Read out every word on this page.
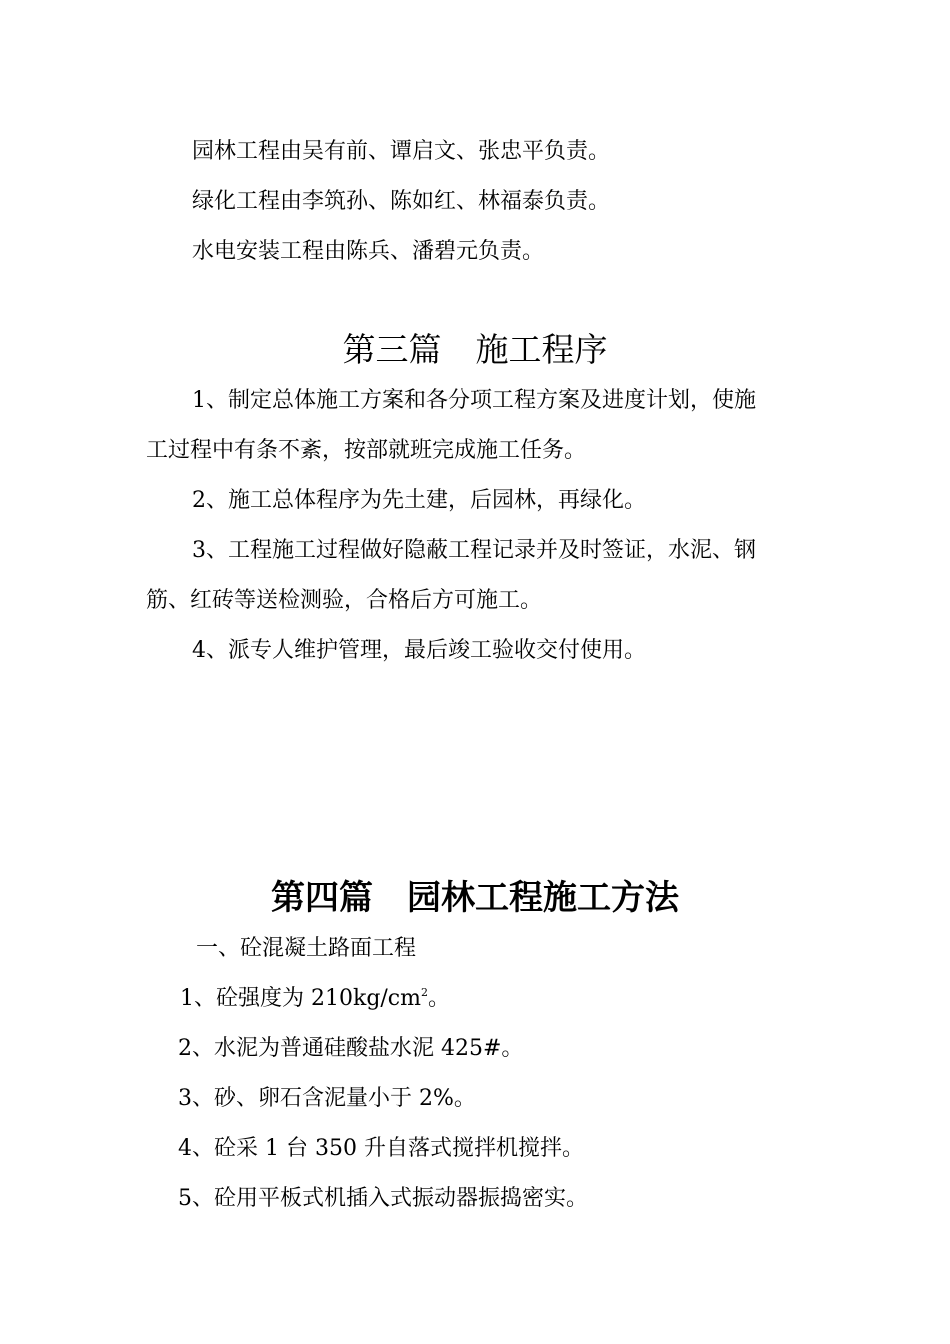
园林工程由吴有前、谭启文、张忠平负责。
绿化工程由李筑孙、陈如红、林福泰负责。
水电安装工程由陈兵、潘碧元负责。
第三篇 施工程序
1、制定总体施工方案和各分项工程方案及进度计划，使施
工过程中有条不紊，按部就班完成施工任务。
2、施工总体程序为先土建，后园林，再绿化。
3、工程施工过程做好隐蔽工程记录并及时签证，水泥、钢
筋、红砖等送检测验，合格后方可施工。
4、派专人维护管理，最后竣工验收交付使用。
第四篇 园林工程施工方法
一、砼混凝土路面工程
1、砼强度为 $210kg/cm^2$。
2、水泥为普通硅酸盐水泥 425#。
3、砂、卵石含泥量小于 2%。
4、砼采 1 台 350 升自落式搅拌机搅拌。
5、砼用平板式机插入式振动器振捣密实。
